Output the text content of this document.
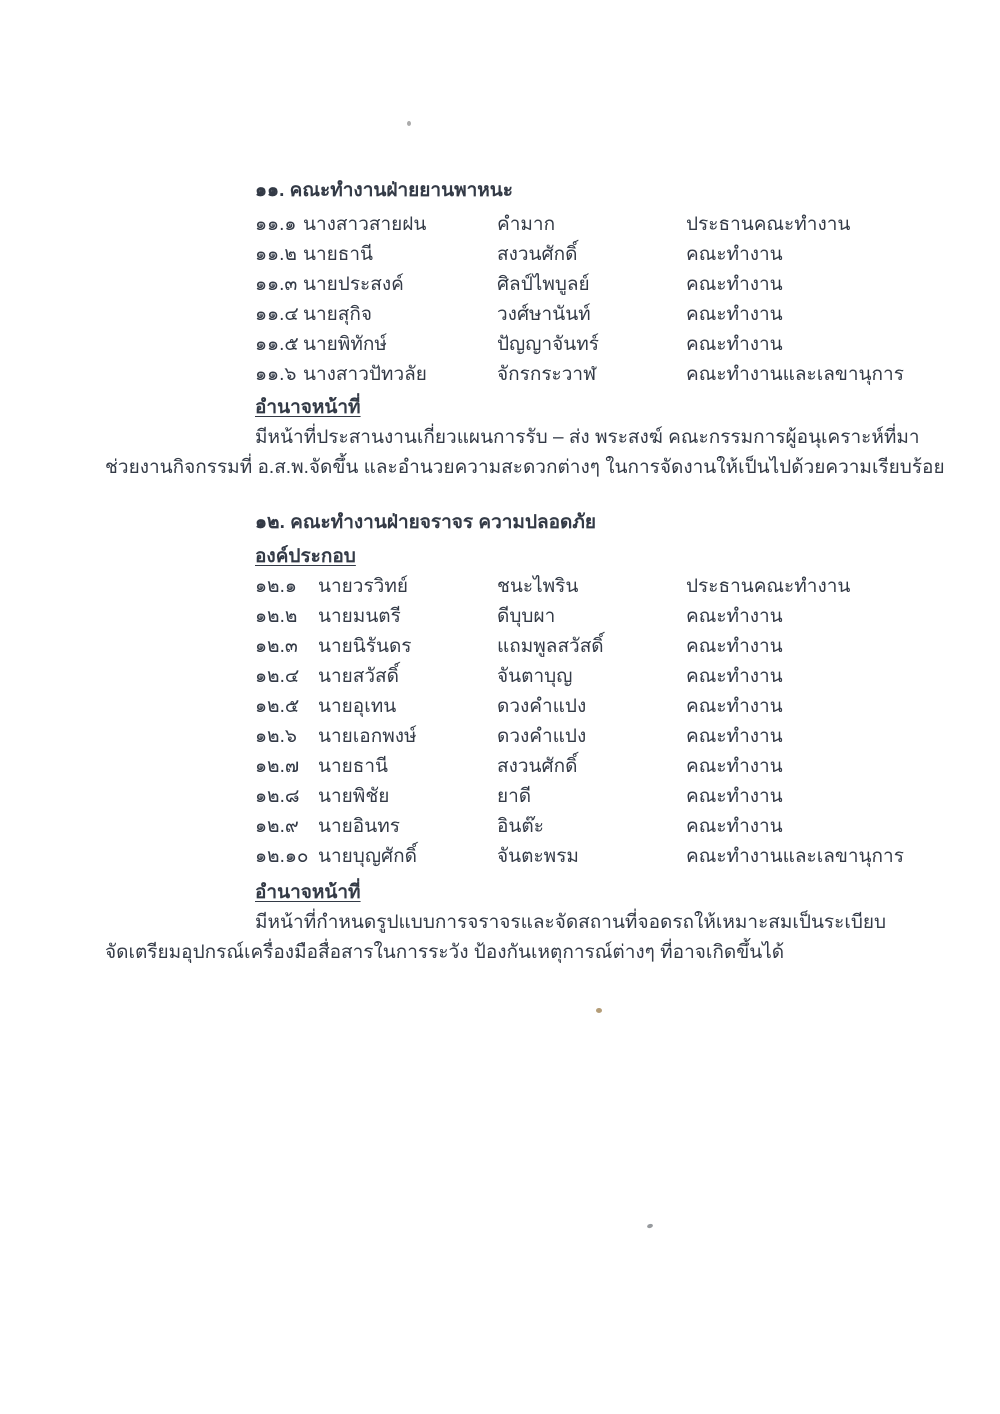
๑๑. คณะทำงานฝ่ายยานพาหนะ
๑๑.๑ นางสาวสายฝน	คำมาก	ประธานคณะทำงาน
๑๑.๒ นายธานี	สงวนศักดิ์	คณะทำงาน
๑๑.๓ นายประสงค์	ศิลป์ไพบูลย์	คณะทำงาน
๑๑.๔ นายสุกิจ	วงศ์ษานันท์	คณะทำงาน
๑๑.๕ นายพิทักษ์	ปัญญาจันทร์	คณะทำงาน
๑๑.๖ นางสาวปัทวลัย	จักรกระวาฬ	คณะทำงานและเลขานุการ
อำนาจหน้าที่

มีหน้าที่ประสานงานเกี่ยวแผนการรับ – ส่ง พระสงฆ์ คณะกรรมการผู้อนุเคราะห์ที่มา

ช่วยงานกิจกรรมที่ อ.ส.พ.จัดขึ้น และอำนวยความสะดวกต่างๆ ในการจัดงานให้เป็นไปด้วยความเรียบร้อย

๑๒. คณะทำงานฝ่ายจราจร ความปลอดภัย
องค์ประกอบ
๑๒.๑	นายวรวิทย์	ชนะไพริน	ประธานคณะทำงาน
๑๒.๒	นายมนตรี	ดีบุบผา	คณะทำงาน
๑๒.๓	นายนิรันดร	แถมพูลสวัสดิ์	คณะทำงาน
๑๒.๔ นายสวัสดิ์	จันตาบุญ	คณะทำงาน
๑๒.๕ นายอุเทน	ดวงคำแปง	คณะทำงาน
๑๒.๖	นายเอกพงษ์	ดวงคำแปง	คณะทำงาน
๑๒.๗ นายธานี	สงวนศักดิ์	คณะทำงาน
๑๒.๘ นายพิชัย	ยาดี	คณะทำงาน
๑๒.๙	นายอินทร	อินต๊ะ	คณะทำงาน
๑๒.๑๐ นายบุญศักดิ์	จันตะพรม	คณะทำงานและเลขานุการ
อำนาจหน้าที่

มีหน้าที่กำหนดรูปแบบการจราจรและจัดสถานที่จอดรถให้เหมาะสมเป็นระเบียบ

จัดเตรียมอุปกรณ์เครื่องมือสื่อสารในการระวัง ป้องกันเหตุการณ์ต่างๆ ที่อาจเกิดขึ้นได้
